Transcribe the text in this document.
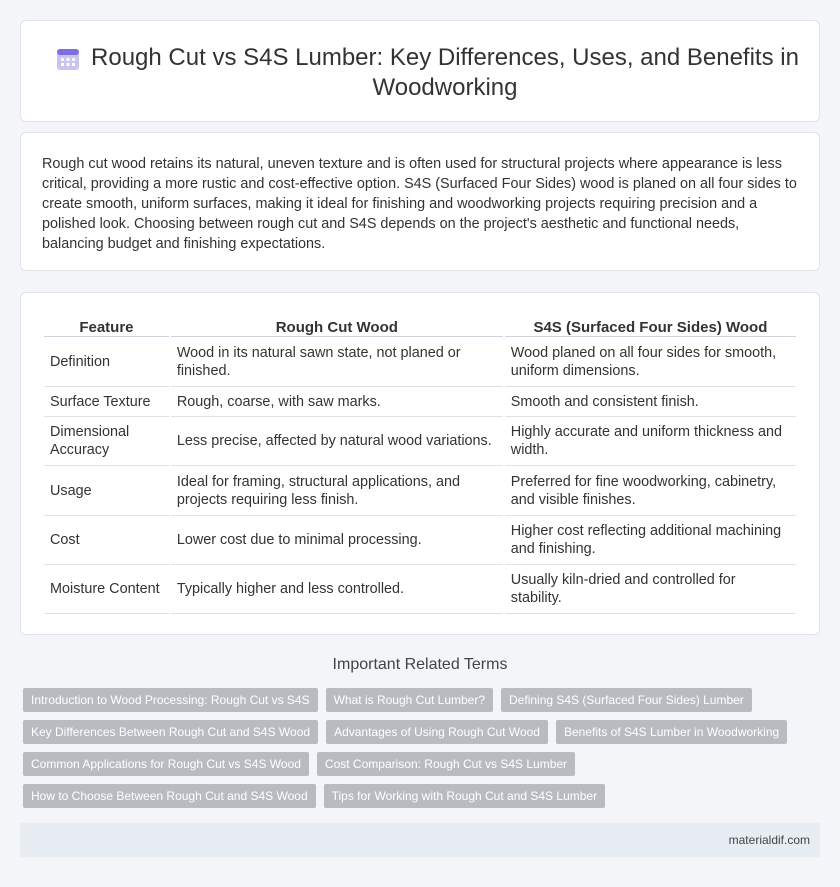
Rough Cut vs S4S Lumber: Key Differences, Uses, and Benefits in Woodworking

Rough cut wood retains its natural, uneven texture and is often used for structural projects where appearance is less critical, providing a more rustic and cost-effective option. S4S (Surfaced Four Sides) wood is planed on all four sides to create smooth, uniform surfaces, making it ideal for finishing and woodworking projects requiring precision and a polished look. Choosing between rough cut and S4S depends on the project's aesthetic and functional needs, balancing budget and finishing expectations.

Feature	Rough Cut Wood	S4S (Surfaced Four Sides) Wood
Definition	Wood in its natural sawn state, not planed or finished.	Wood planed on all four sides for smooth, uniform dimensions.
Surface Texture	Rough, coarse, with saw marks.	Smooth and consistent finish.
Dimensional Accuracy	Less precise, affected by natural wood variations.	Highly accurate and uniform thickness and width.
Usage	Ideal for framing, structural applications, and projects requiring less finish.	Preferred for fine woodworking, cabinetry, and visible finishes.
Cost	Lower cost due to minimal processing.	Higher cost reflecting additional machining and finishing.
Moisture Content	Typically higher and less controlled.	Usually kiln-dried and controlled for stability.
Important Related Terms
Introduction to Wood Processing: Rough Cut vs S4S	What is Rough Cut Lumber?	Defining S4S (Surfaced Four Sides) Lumber
Key Differences Between Rough Cut and S4S Wood	Advantages of Using Rough Cut Wood	Benefits of S4S Lumber in Woodworking
Common Applications for Rough Cut vs S4S Wood	Cost Comparison: Rough Cut vs S4S Lumber
How to Choose Between Rough Cut and S4S Wood	Tips for Working with Rough Cut and S4S Lumber
materialdif.com
